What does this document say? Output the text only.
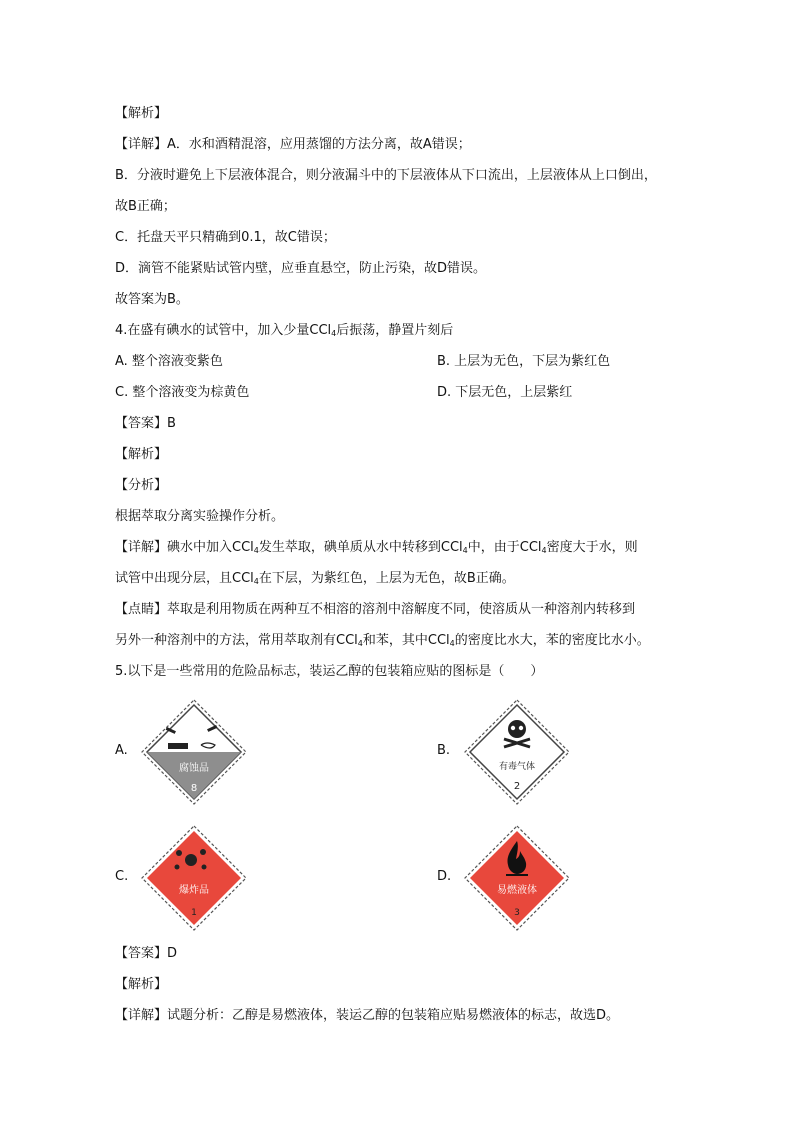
【解析】
【详解】A．水和酒精混溶，应用蒸馏的方法分离，故A错误；
B．分液时避免上下层液体混合，则分液漏斗中的下层液体从下口流出，上层液体从上口倒出，
故B正确；
C．托盘天平只精确到0.1，故C错误；
D．滴管不能紧贴试管内壁，应垂直悬空，防止污染，故D错误。
故答案为B。
4.在盛有碘水的试管中，加入少量CCl$_4$后振荡，静置片刻后
A. 整个溶液变紫色	B. 上层为无色，下层为紫红色
C. 整个溶液变为棕黄色	D. 下层无色，上层紫红
【答案】B
【解析】
【分析】
根据萃取分离实验操作分析。
【详解】碘水中加入CCl$_4$发生萃取，碘单质从水中转移到CCl$_4$中，由于CCl$_4$密度大于水，则
试管中出现分层，且CCl$_4$在下层，为紫红色，上层为无色，故B正确。
【点睛】萃取是利用物质在两种互不相溶的溶剂中溶解度不同，使溶质从一种溶剂内转移到
另外一种溶剂中的方法，常用萃取剂有CCl$_4$和苯，其中CCl$_4$的密度比水大，苯的密度比水小。
5.以下是一些常用的危险品标志，装运乙醇的包装箱应贴的图标是（　　）
A.
腐蚀品
8
B.
有毒气体
2
C.
爆炸品
1
D.
易燃液体
3
【答案】D
【解析】
【详解】试题分析：乙醇是易燃液体，装运乙醇的包装箱应贴易燃液体的标志，故选D。
